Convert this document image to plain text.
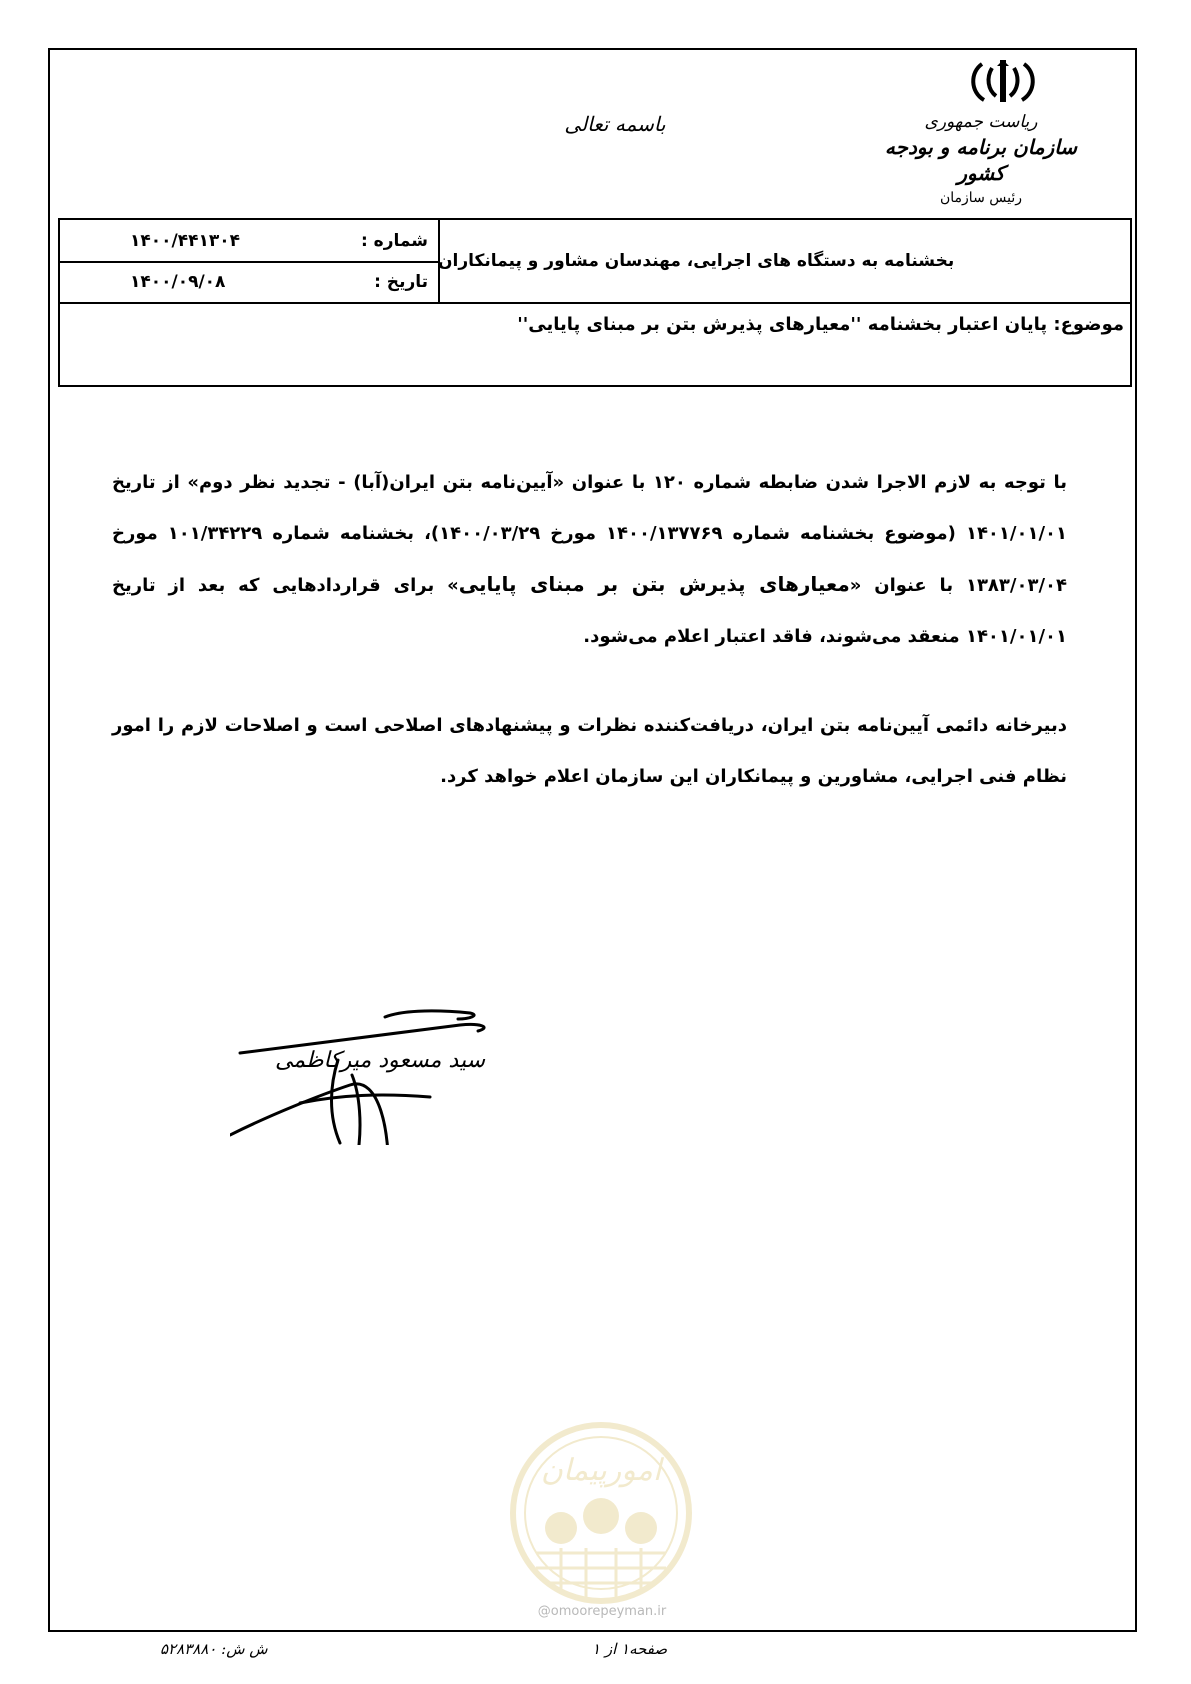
ریاست جمهوری
سازمان برنامه و بودجه کشور
رئیس سازمان
باسمه تعالی
بخشنامه به دستگاه های اجرایی، مهندسان مشاور و پیمانکاران
شماره :
۱۴۰۰/۴۴۱۳۰۴
تاریخ :
۱۴۰۰/۰۹/۰۸
موضوع: پایان اعتبار بخشنامه ''معیارهای پذیرش بتن بر مبنای پایایی''
با توجه به لازم الاجرا شدن ضابطه شماره ۱۲۰ با عنوان «آیین‌نامه بتن ایران(آبا) - تجدید نظر دوم» از تاریخ ۱۴۰۱/۰۱/۰۱ (موضوع بخشنامه شماره ۱۴۰۰/۱۳۷۷۶۹ مورخ ۱۴۰۰/۰۳/۲۹)، بخشنامه شماره ۱۰۱/۳۴۲۲۹ مورخ ۱۳۸۳/۰۳/۰۴ با عنوان «معیارهای پذیرش بتن بر مبنای پایایی» برای قراردادهایی که بعد از تاریخ ۱۴۰۱/۰۱/۰۱ منعقد می‌شوند، فاقد اعتبار اعلام می‌شود.
دبیرخانه دائمی آیین‌نامه بتن ایران، دریافت‌کننده نظرات و پیشنهادهای اصلاحی است و اصلاحات لازم را امور نظام فنی اجرایی، مشاورین و پیمانکاران این سازمان اعلام خواهد کرد.
سید مسعود میرکاظمی
امورپیمان
@omoorepeyman.ir
ش ش: ۵۲۸۳۸۸۰	صفحه۱ از ۱
